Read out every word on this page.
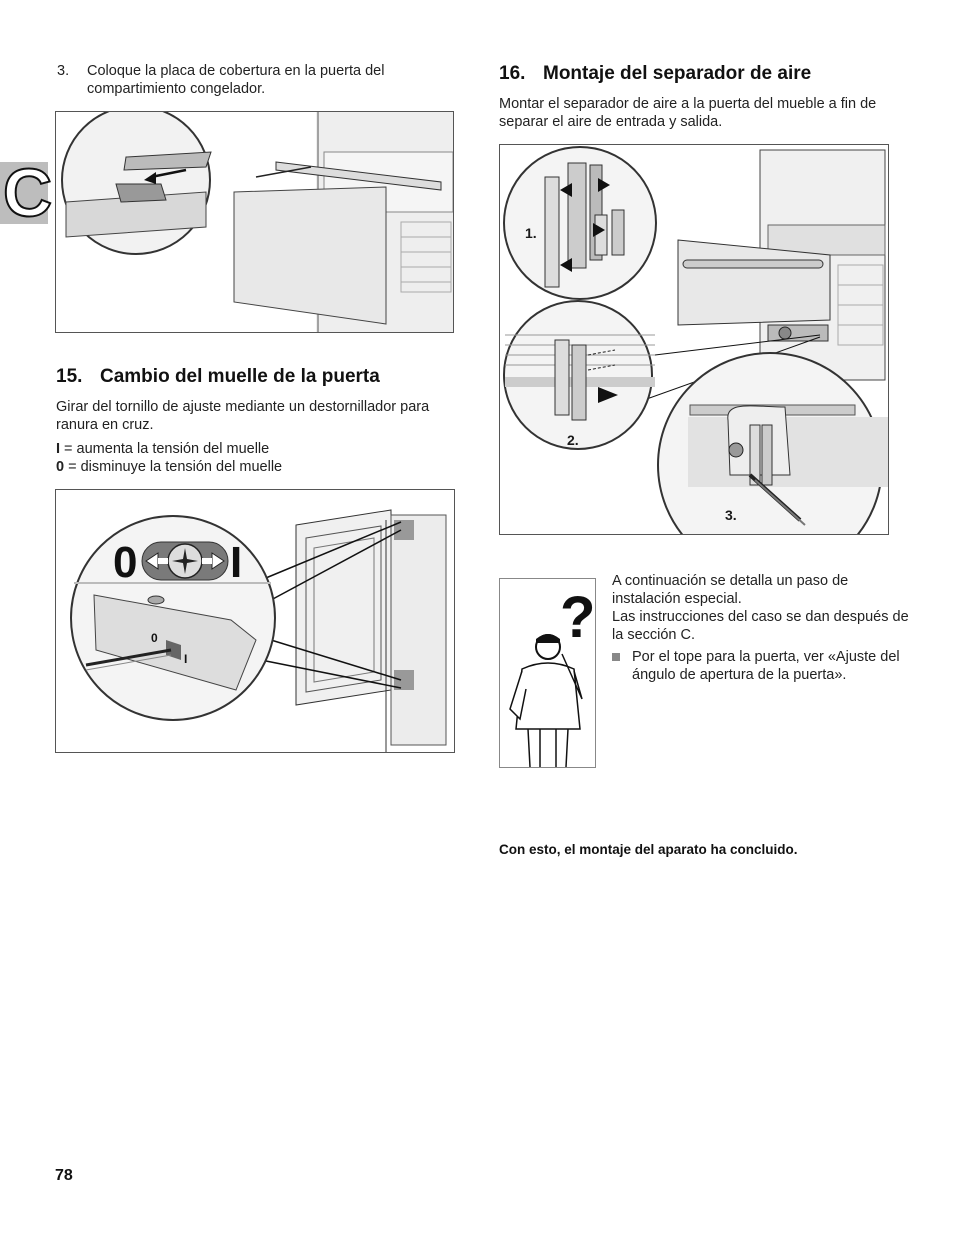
C
3. Coloque la placa de cobertura en la puerta del compartimiento congelador.
15. Cambio del muelle de la puerta
Girar del tornillo de ajuste mediante un destornillador para ranura en cruz.
I = aumenta la tensión del muelle
0 = disminuye la tensión del muelle
0 I
0
I
16. Montaje del separador de aire
Montar el separador de aire a la puerta del mueble a fin de separar el aire de entrada y salida.
1.
2.
3.
?
A continuación se detalla un paso de instalación especial.
Las instrucciones del caso se dan después de la sección C.
Por el tope para la puerta, ver «Ajuste del ángulo de apertura de la puerta».
Con esto, el montaje del aparato ha concluido.
78
